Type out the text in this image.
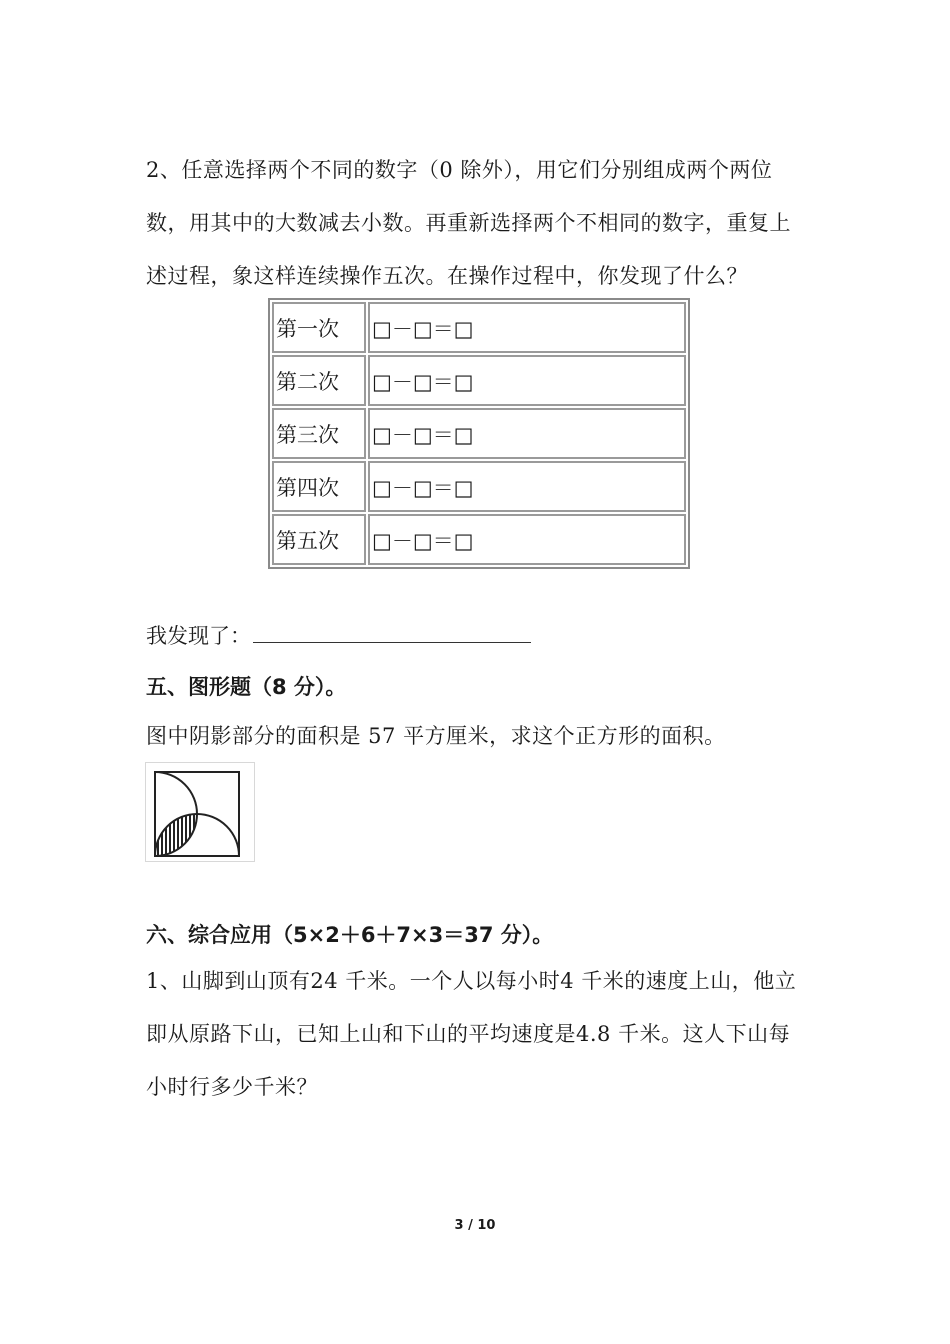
2、任意选择两个不同的数字（0 除外），用它们分别组成两个两位
数，用其中的大数减去小数。再重新选择两个不相同的数字，重复上
述过程，象这样连续操作五次。在操作过程中，你发现了什么？
第一次	□－□＝□
第二次	□－□＝□
第三次	□－□＝□
第四次	□－□＝□
第五次	□－□＝□
我发现了：
五、图形题（8 分）。
图中阴影部分的面积是 57 平方厘米，求这个正方形的面积。
六、综合应用（5×2＋6＋7×3＝37 分）。
1、山脚到山顶有24 千米。一个人以每小时4 千米的速度上山，他立
即从原路下山，已知上山和下山的平均速度是4.8 千米。这人下山每
小时行多少千米？
3 / 10
